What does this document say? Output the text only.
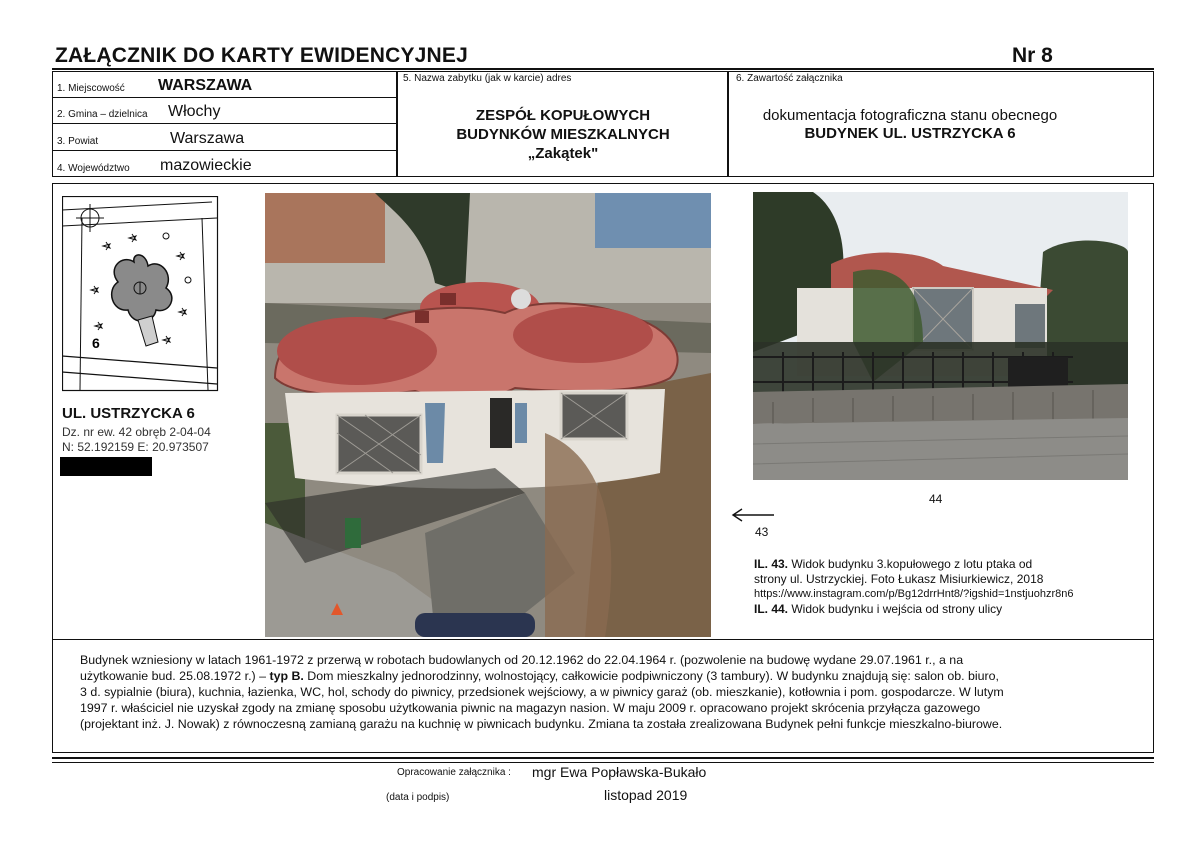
ZAŁĄCZNIK DO KARTY EWIDENCYJNEJ	Nr 8
1. Miejscowość WARSZAWA
2. Gmina – dzielnica Włochy
3. Powiat	Warszawa
4. Województwo mazowieckie
5. Nazwa zabytku (jak w karcie) adres
ZESPÓŁ KOPUŁOWYCH
BUDYNKÓW MIESZKALNYCH
„Zakątek"
6. Zawartość załącznika
dokumentacja fotograficzna stanu obecnego
BUDYNEK UL. USTRZYCKA 6
6
UL. USTRZYCKA 6
Dz. nr ew. 42 obręb 2-04-04
N: 52.192159 E: 20.973507
44
43
IL. 43. Widok budynku 3.kopułowego z lotu ptaka od
strony ul. Ustrzyckiej. Foto Łukasz Misiurkiewicz, 2018
https://www.instagram.com/p/Bg12drrHnt8/?igshid=1nstjuohzr8n6
IL. 44. Widok budynku i wejścia od strony ulicy
Budynek wzniesiony w latach 1961-1972 z przerwą w robotach budowlanych od 20.12.1962 do 22.04.1964 r. (pozwolenie na budowę wydane 29.07.1961 r., a na
użytkowanie bud. 25.08.1972 r.) – typ B. Dom mieszkalny jednorodzinny, wolnostojący, całkowicie podpiwniczony (3 tambury). W budynku znajdują się: salon ob. biuro,
3 d. sypialnie (biura), kuchnia, łazienka, WC, hol, schody do piwnicy, przedsionek wejściowy, a w piwnicy garaż (ob. mieszkanie), kotłownia i pom. gospodarcze. W lutym
1997 r. właściciel nie uzyskał zgody na zmianę sposobu użytkowania piwnic na magazyn nasion. W maju 2009 r. opracowano projekt skrócenia przyłącza gazowego
(projektant inż. J. Nowak) z równoczesną zamianą garażu na kuchnię w piwnicach budynku. Zmiana ta została zrealizowana Budynek pełni funkcje mieszkalno-biurowe.
Opracowanie załącznika : mgr Ewa Popławska-Bukało
(data i podpis)	listopad 2019
